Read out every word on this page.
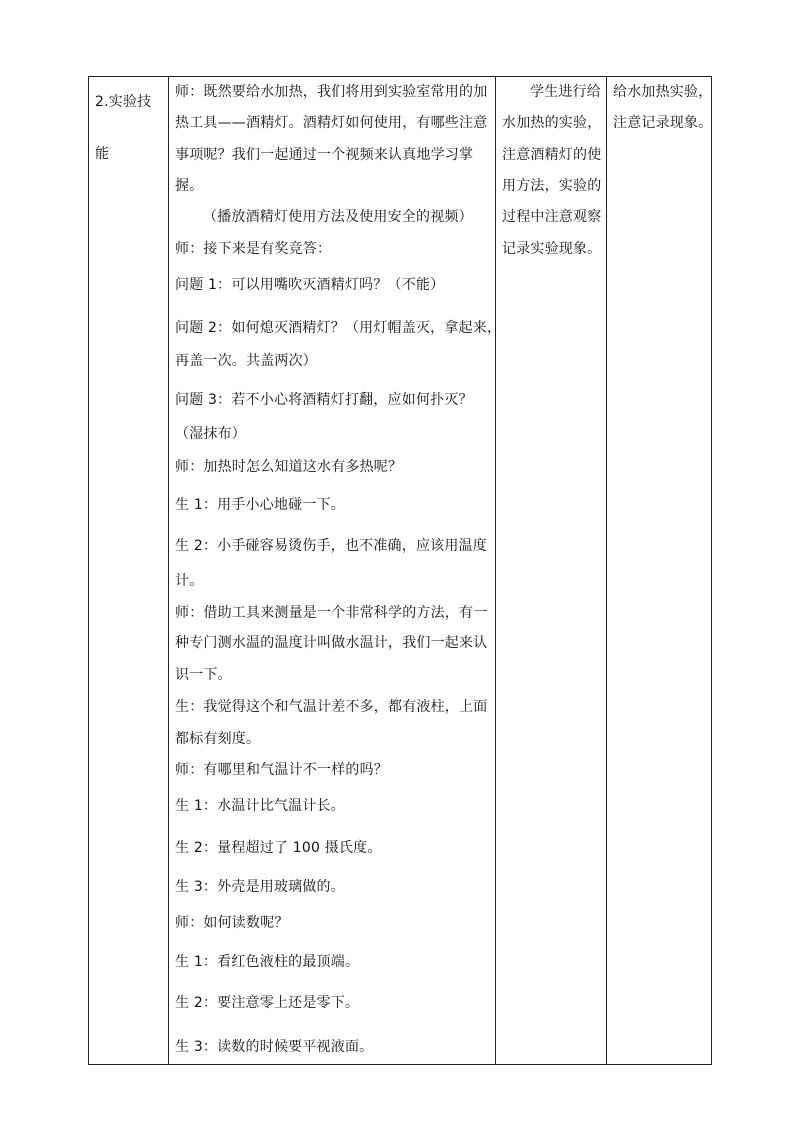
2.实验技
能

师：既然要给水加热，我们将用到实验室常用的加
热工具——酒精灯。酒精灯如何使用，有哪些注意
事项呢？我们一起通过一个视频来认真地学习掌
握。
（播放酒精灯使用方法及使用安全的视频）
师：接下来是有奖竞答：
问题 1：可以用嘴吹灭酒精灯吗？（不能）
问题 2：如何熄灭酒精灯？（用灯帽盖灭，拿起来，
再盖一次。共盖两次）
问题 3：若不小心将酒精灯打翻，应如何扑灭？
（湿抹布）
师：加热时怎么知道这水有多热呢？
生 1：用手小心地碰一下。
生 2：小手碰容易烫伤手，也不准确，应该用温度
计。
师：借助工具来测量是一个非常科学的方法，有一
种专门测水温的温度计叫做水温计，我们一起来认
识一下。
生：我觉得这个和气温计差不多，都有液柱，上面
都标有刻度。
师：有哪里和气温计不一样的吗？
生 1：水温计比气温计长。
生 2：量程超过了 100 摄氏度。
生 3：外壳是用玻璃做的。
师：如何读数呢？
生 1：看红色液柱的最顶端。
生 2：要注意零上还是零下。
生 3：读数的时候要平视液面。

学生进行给
水加热的实验，
注意酒精灯的使
用方法，实验的
过程中注意观察
记录实验现象。

给水加热实验，
注意记录现象。
